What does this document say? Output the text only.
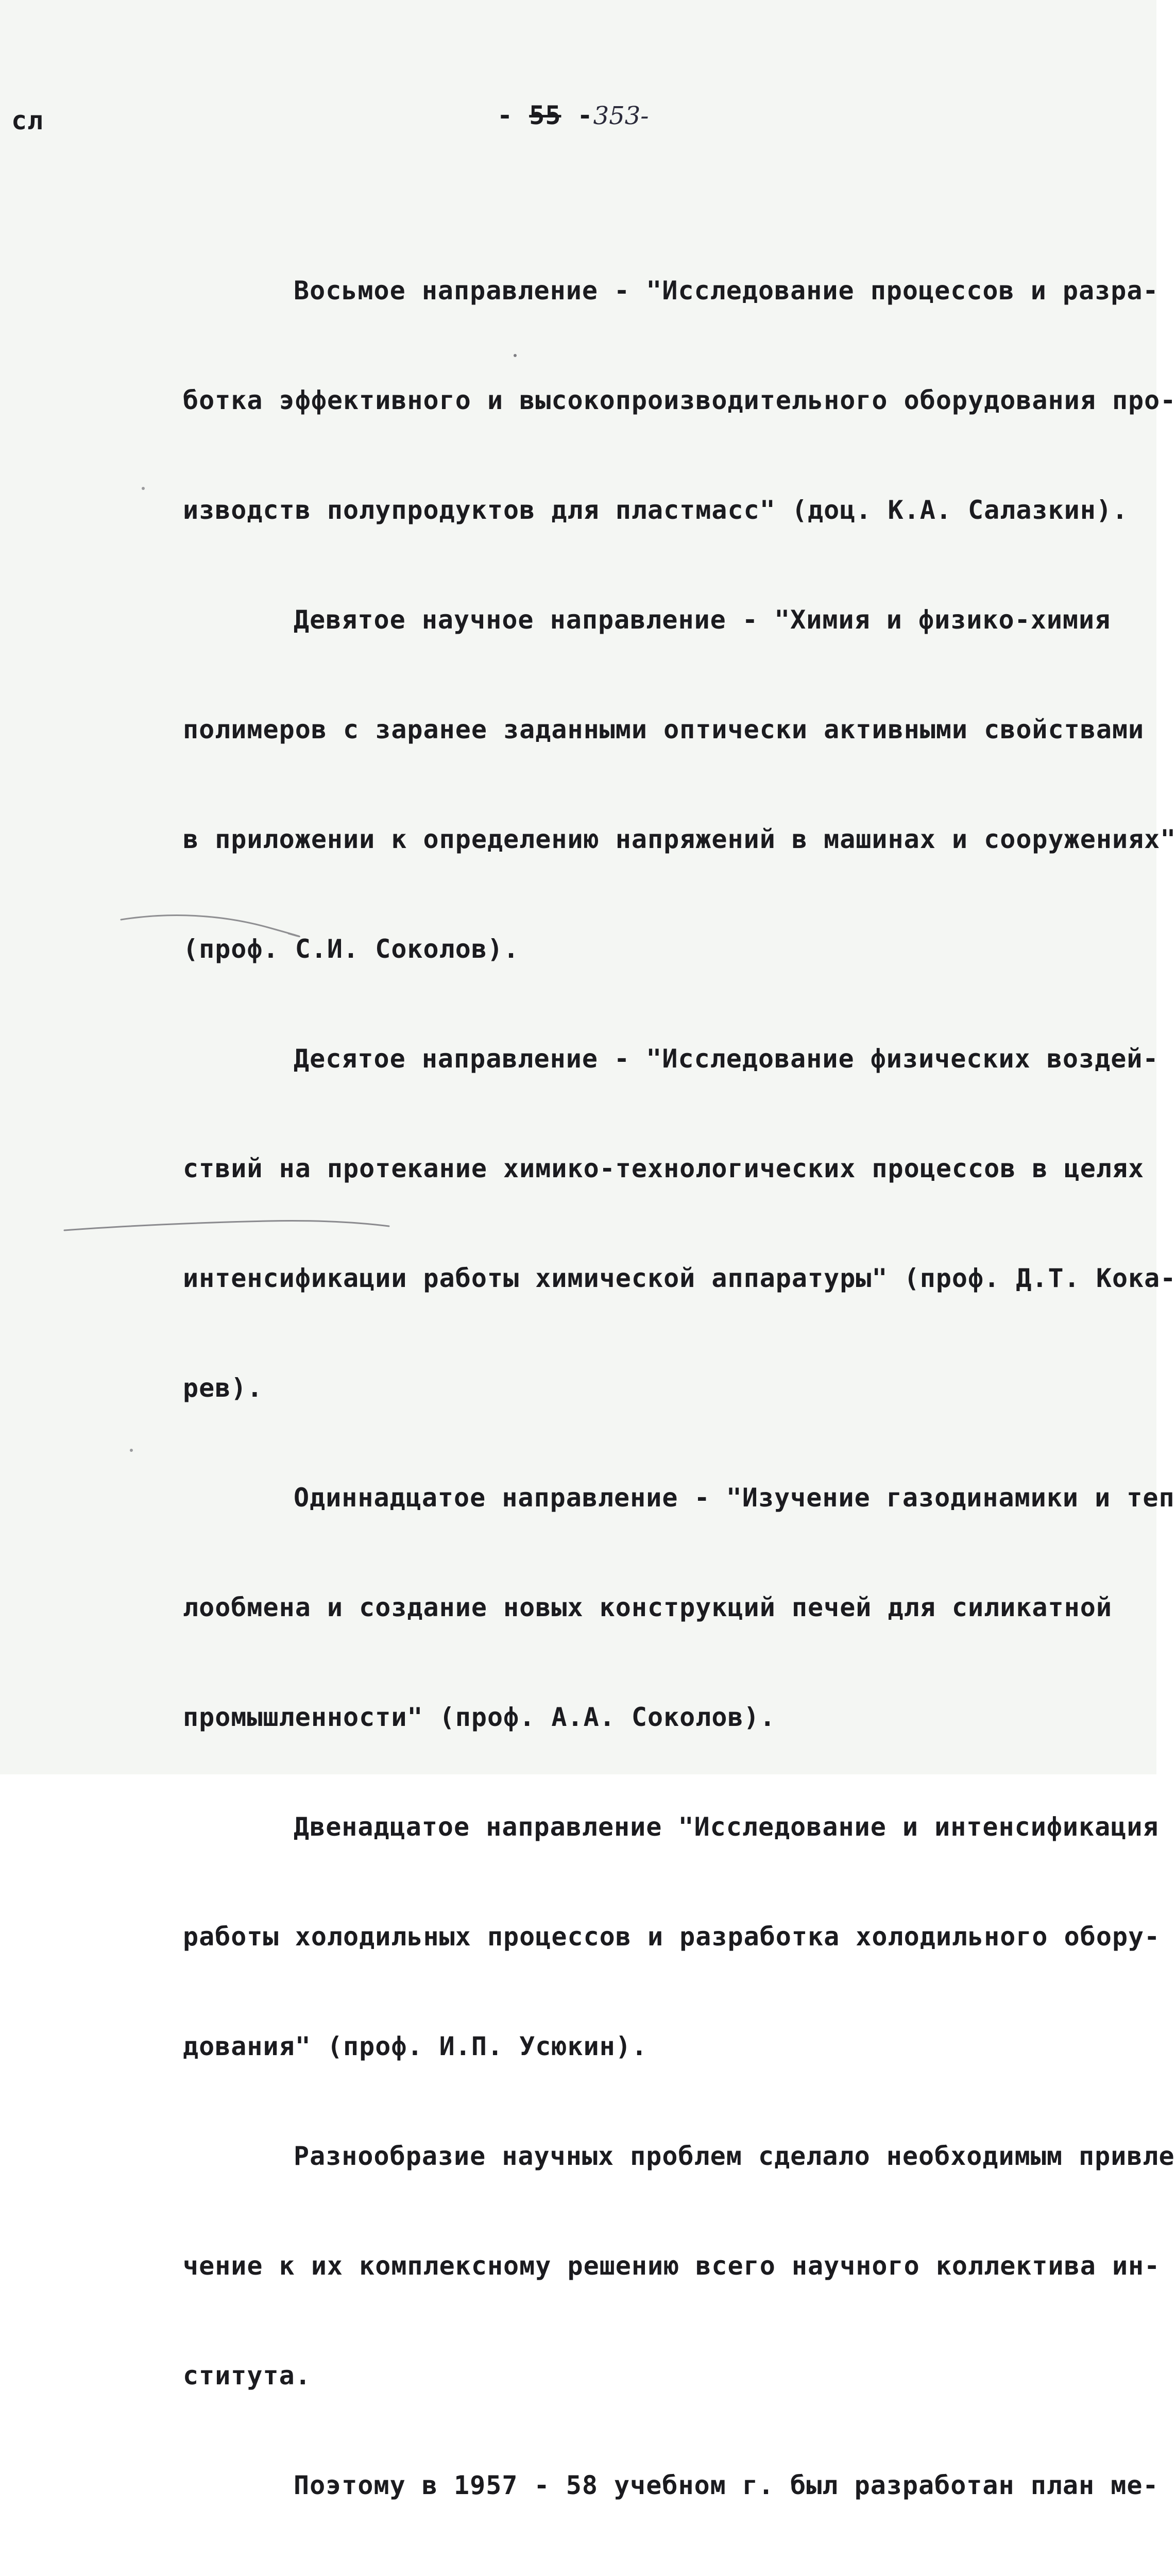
сл	- 55 -353-

Восьмое направление - "Исследование процессов и разра-

ботка эффективного и высокопроизводительного оборудования про-

изводств полупродуктов для пластмасс" (доц. К.А. Салазкин).

Девятое научное направление - "Химия и физико-химия

полимеров с заранее заданными оптически активными свойствами

в приложении к определению напряжений в машинах и сооружениях"

(проф. С.И. Соколов).

Десятое направление - "Исследование физических воздей-

ствий на протекание химико-технологических процессов в целях

интенсификации работы химической аппаратуры" (проф. Д.Т. Кока-

рев).

Одиннадцатое направление - "Изучение газодинамики и теп

лообмена и создание новых конструкций печей для силикатной

промышленности" (проф. А.А. Соколов).

Двенадцатое направление "Исследование и интенсификация

работы холодильных процессов и разработка холодильного обору-

дования" (проф. И.П. Усюкин).

Разнообразие научных проблем сделало необходимым привле

чение к их комплексному решению всего научного коллектива ин-

ститута.

Поэтому в 1957 - 58 учебном г. был разработан план ме-
